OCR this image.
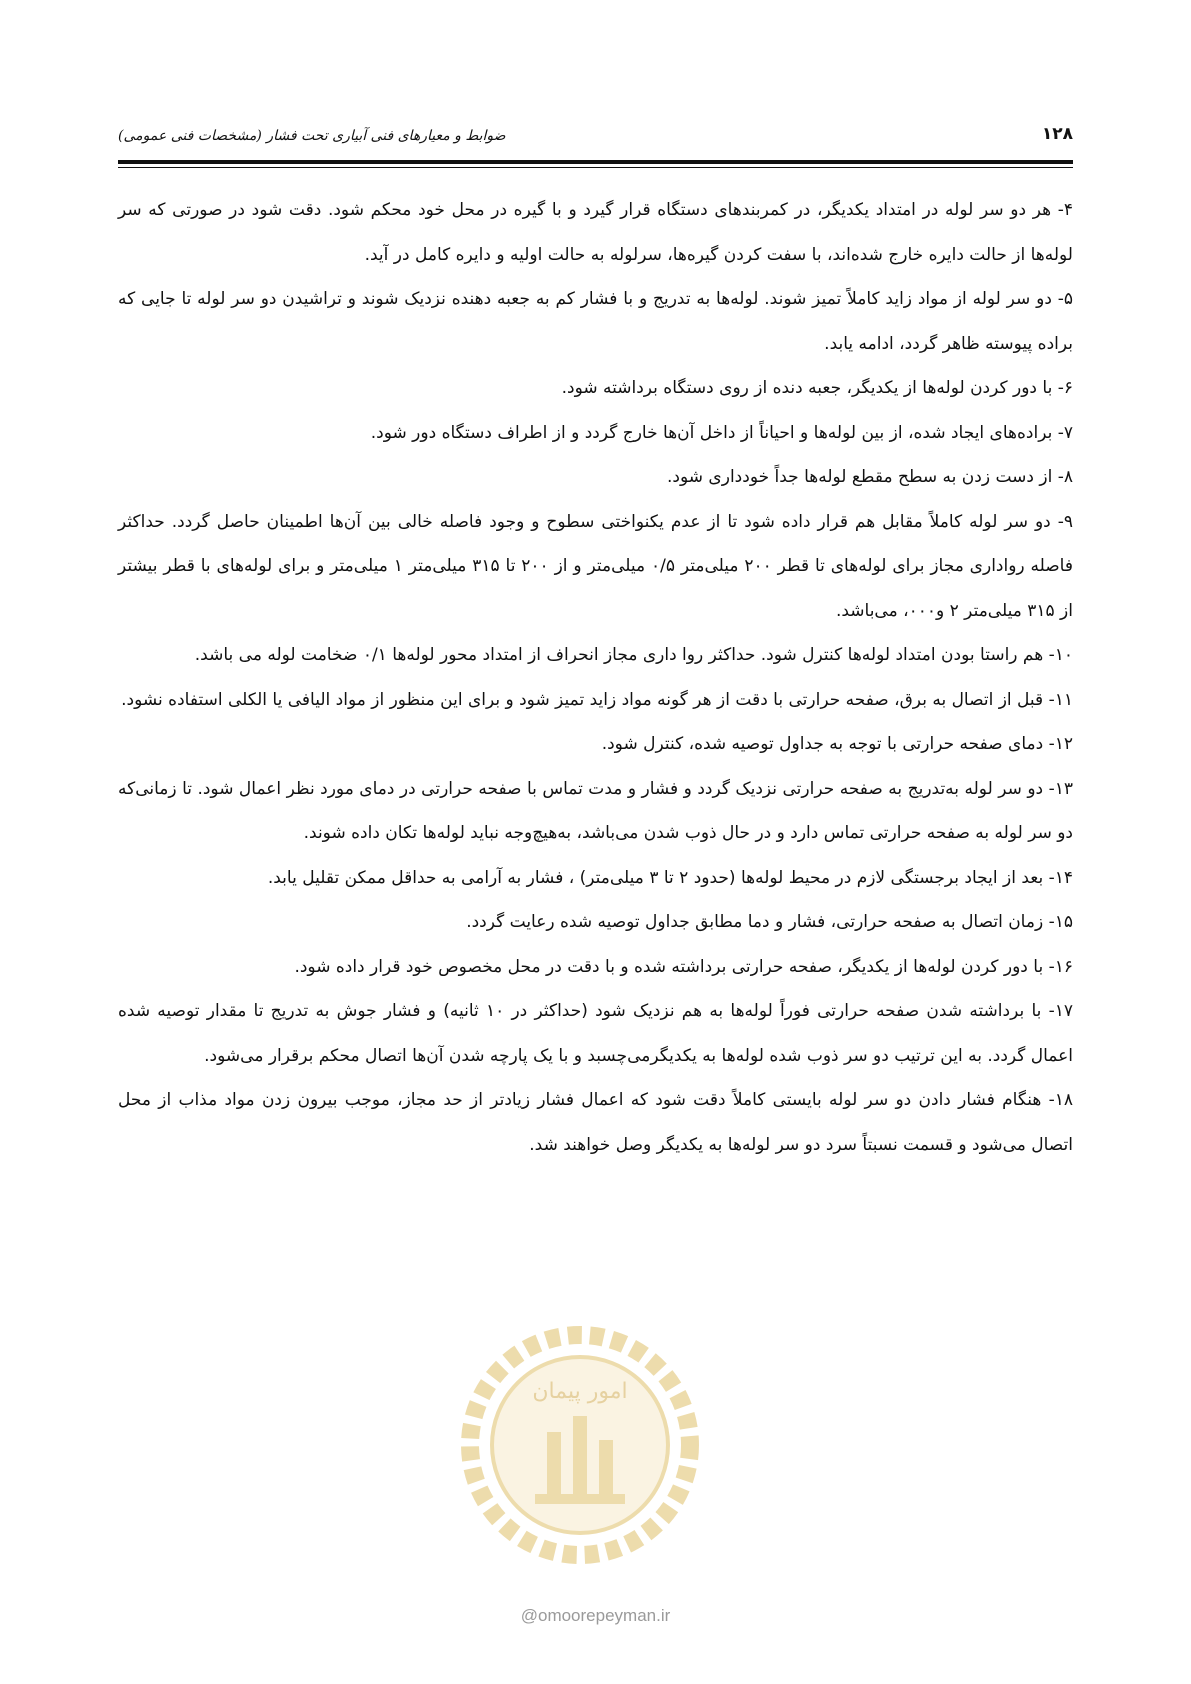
۱۲۸
ضوابط و معیارهای فنی آبیاری تحت فشار (مشخصات فنی عمومی)
۴- هر دو سر لوله در امتداد یکدیگر، در کمربندهای دستگاه قرار گیرد و با گیره در محل خود محکم شود. دقت شود در صورتی که سر لوله‌ها از حالت دایره خارج شده‌اند، با سفت کردن گیره‌ها، سرلوله به حالت اولیه و دایره کامل در آید.
۵- دو سر لوله از مواد زاید کاملاً تمیز شوند. لوله‌ها به تدریج و با فشار کم به جعبه دهنده نزدیک شوند و تراشیدن دو سر لوله تا جایی که براده پیوسته ظاهر گردد، ادامه یابد.
۶- با دور کردن لوله‌ها از یکدیگر، جعبه دنده از روی دستگاه برداشته شود.
۷- براده‌های ایجاد شده، از بین لوله‌ها و احیاناً از داخل آن‌ها خارج گردد و از اطراف دستگاه دور شود.
۸- از دست زدن به سطح مقطع لوله‌ها جداً خودداری شود.
۹- دو سر لوله کاملاً مقابل هم قرار داده شود تا از عدم یکنواختی سطوح و وجود فاصله خالی بین آن‌ها اطمینان حاصل گردد. حداکثر فاصله رواداری مجاز برای لوله‌های تا قطر ۲۰۰ میلی‌متر ۰/۵ میلی‌متر و از ۲۰۰ تا ۳۱۵ میلی‌متر ۱ میلی‌متر و برای لوله‌های با قطر بیشتر از ۳۱۵ میلی‌متر ۲ و۰۰۰، می‌باشد.
۱۰- هم راستا بودن امتداد لوله‌ها کنترل شود. حداکثر روا داری مجاز انحراف از امتداد محور لوله‌ها ۰/۱ ضخامت لوله می باشد.
۱۱- قبل از اتصال به برق، صفحه حرارتی با دقت از هر گونه مواد زاید تمیز شود و برای این منظور از مواد الیافی یا الکلی استفاده نشود.
۱۲- دمای صفحه حرارتی با توجه به جداول توصیه شده، کنترل شود.
۱۳- دو سر لوله به‌تدریج به صفحه حرارتی نزدیک گردد و فشار و مدت تماس با صفحه حرارتی در دمای مورد نظر اعمال شود. تا زمانی‌که دو سر لوله به صفحه حرارتی تماس دارد و در حال ذوب شدن می‌باشد، به‌هیچ‌وجه نباید لوله‌ها تکان داده شوند.
۱۴- بعد از ایجاد برجستگی لازم در محیط لوله‌ها (حدود ۲ تا ۳ میلی‌متر) ، فشار به آرامی به حداقل ممکن تقلیل یابد.
۱۵- زمان اتصال به صفحه حرارتی، فشار و دما مطابق جداول توصیه شده رعایت گردد.
۱۶- با دور کردن لوله‌ها از یکدیگر، صفحه حرارتی برداشته شده و با دقت در محل مخصوص خود قرار داده شود.
۱۷- با برداشته شدن صفحه حرارتی فوراً لوله‌ها به هم نزدیک شود (حداکثر در ۱۰ ثانیه) و فشار جوش به تدریج تا مقدار توصیه شده اعمال گردد. به این ترتیب دو سر ذوب شده لوله‌ها به یکدیگرمی‌چسبد و با یک پارچه شدن آن‌ها اتصال محکم برقرار می‌شود.
۱۸- هنگام فشار دادن دو سر لوله بایستی کاملاً دقت شود که اعمال فشار زیادتر از حد مجاز، موجب بیرون زدن مواد مذاب از محل اتصال می‌شود و قسمت نسبتاً سرد دو سر لوله‌ها به یکدیگر وصل خواهند شد.
امور پیمان
@omoorepeyman.ir
